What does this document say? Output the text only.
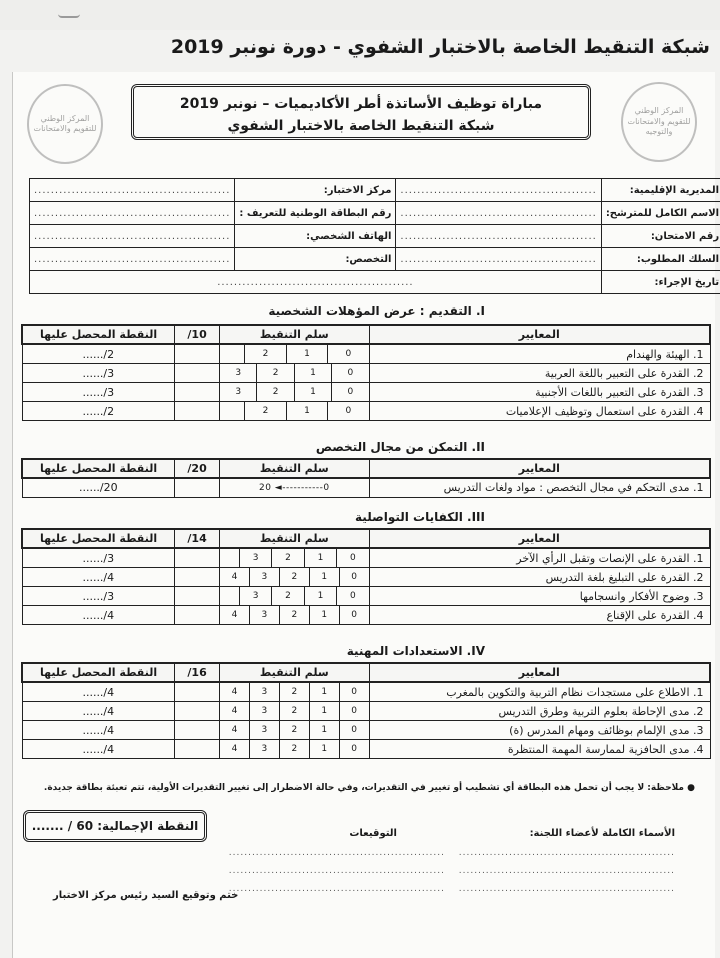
شبكة التنقيط الخاصة بالاختبار الشفوي - دورة نونبر 2019
المركز الوطني للتقويم والامتحانات والتوجيه
المركز الوطني للتقويم والامتحانات
مباراة توظيف الأساتذة أطر الأكاديميات – نونبر 2019
شبكة التنقيط الخاصة بالاختبار الشفوي
المديرية الإقليمية:	...............................................	مركز الاختبار:	...............................................
الاسم الكامل للمترشح:	...............................................	رقم البطاقة الوطنية للتعريف :	...............................................
رقم الامتحان:	...............................................	الهاتف الشخصي:	...............................................
السلك المطلوب:	...............................................	التخصص:	...............................................
تاريخ الإجراء:	...............................................		
I. التقديم : عرض المؤهلات الشخصية
المعايير	سلم التنقيط	10/	النقطة المحصل عليها
1. الهيئة والهندام	2 1 0		2/......
2. القدرة على التعبير باللغة العربية	3 2 1 0		3/......
3. القدرة على التعبير باللغات الأجنبية	3 2 1 0		3/......
4. القدرة على استعمال وتوظيف الإعلاميات	2 1 0		2/......
II. التمكن من مجال التخصص
المعايير	سلم التنقيط	20/	النقطة المحصل عليها
1. مدى التحكم في مجال التخصص : مواد ولغات التدريس	20 ◄-----------0		20/......
III. الكفايات التواصلية
المعايير	سلم التنقيط	14/	النقطة المحصل عليها
1. القدرة على الإنصات وتقبل الرأي الآخر	3 2 1 0		3/......
2. القدرة على التبليغ بلغة التدريس	4 3 2 1 0		4/......
3. وضوح الأفكار وانسجامها	3 2 1 0		3/......
4. القدرة على الإقناع	4 3 2 1 0		4/......
IV. الاستعدادات المهنية
المعايير	سلم التنقيط	16/	النقطة المحصل عليها
1. الاطلاع على مستجدات نظام التربية والتكوين بالمغرب	4 3 2 1 0		4/......
2. مدى الإحاطة بعلوم التربية وطرق التدريس	4 3 2 1 0		4/......
3. مدى الإلمام بوظائف ومهام المدرس (ة)	4 3 2 1 0		4/......
4. مدى الحافزية لممارسة المهمة المنتظرة	4 3 2 1 0		4/......
● ملاحظة: لا يجب أن تحمل هذه البطاقة أي تشطيب أو تغيير في التقديرات، وفي حالة الاضطرار إلى تغيير التقديرات الأولية، تتم تعبئة بطاقة جديدة.
النقطة الإجمالية: 60 / .......
الأسماء الكاملة لأعضاء اللجنة:
التوقيعات
........................................................
........................................................
........................................................
........................................................
........................................................
........................................................
ختم وتوقيع السيد رئيس مركز الاختبار
